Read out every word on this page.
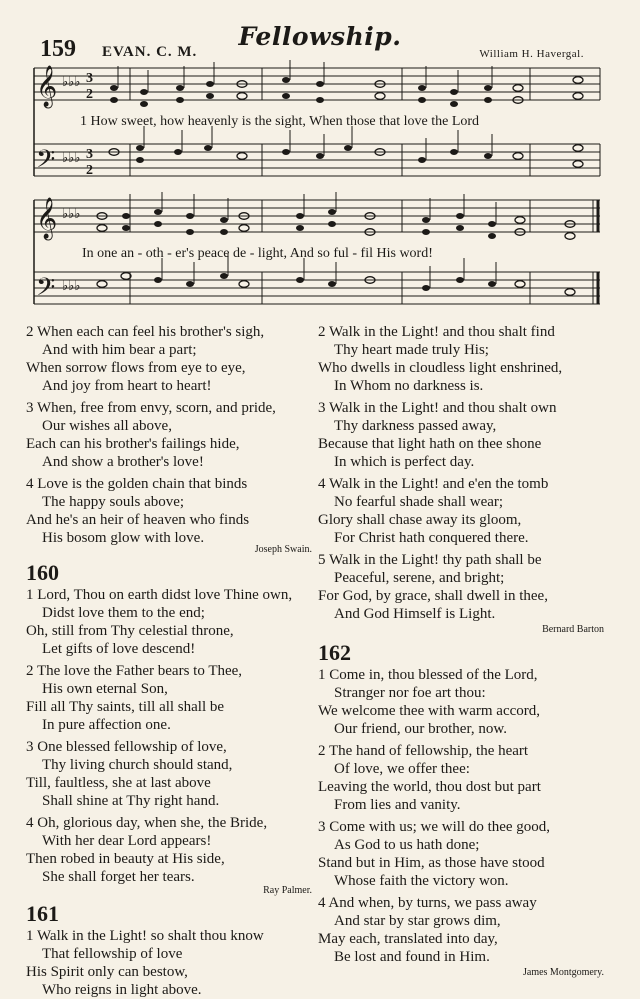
Fellowship.
159 EVAN. C. M.	William H. Havergal.
𝄞
𝄢
♭♭♭
♭♭♭
3
2
3
2
1 How sweet, how heavenly is the sight, When those that love the Lord
𝄞
𝄢
♭♭♭
♭♭♭
In one an - oth - er's peace de - light, And so ful - fil His word!
2 When each can feel his brother's sigh,
And with him bear a part;
When sorrow flows from eye to eye,
And joy from heart to heart!
3 When, free from envy, scorn, and pride,
Our wishes all above,
Each can his brother's failings hide,
And show a brother's love!
4 Love is the golden chain that binds
The happy souls above;
And he's an heir of heaven who finds
His bosom glow with love.
Joseph Swain.
160
1 Lord, Thou on earth didst love Thine own,
Didst love them to the end;
Oh, still from Thy celestial throne,
Let gifts of love descend!
2 The love the Father bears to Thee,
His own eternal Son,
Fill all Thy saints, till all shall be
In pure affection one.
3 One blessed fellowship of love,
Thy living church should stand,
Till, faultless, she at last above
Shall shine at Thy right hand.
4 Oh, glorious day, when she, the Bride,
With her dear Lord appears!
Then robed in beauty at His side,
She shall forget her tears.
Ray Palmer.
161
1 Walk in the Light! so shalt thou know
That fellowship of love
His Spirit only can bestow,
Who reigns in light above.
2 Walk in the Light! and thou shalt find
Thy heart made truly His;
Who dwells in cloudless light enshrined,
In Whom no darkness is.
3 Walk in the Light! and thou shalt own
Thy darkness passed away,
Because that light hath on thee shone
In which is perfect day.
4 Walk in the Light! and e'en the tomb
No fearful shade shall wear;
Glory shall chase away its gloom,
For Christ hath conquered there.
5 Walk in the Light! thy path shall be
Peaceful, serene, and bright;
For God, by grace, shall dwell in thee,
And God Himself is Light.
Bernard Barton
162
1 Come in, thou blessed of the Lord,
Stranger nor foe art thou:
We welcome thee with warm accord,
Our friend, our brother, now.
2 The hand of fellowship, the heart
Of love, we offer thee:
Leaving the world, thou dost but part
From lies and vanity.
3 Come with us; we will do thee good,
As God to us hath done;
Stand but in Him, as those have stood
Whose faith the victory won.
4 And when, by turns, we pass away
And star by star grows dim,
May each, translated into day,
Be lost and found in Him.
James Montgomery.
